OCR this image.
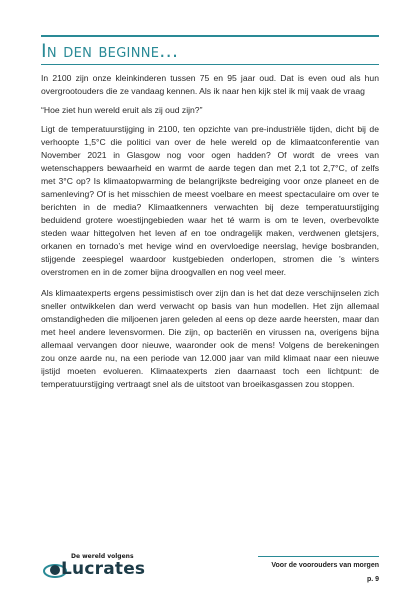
In den beginne...

In 2100 zijn onze kleinkinderen tussen 75 en 95 jaar oud. Dat is even oud als hun overgrootouders die ze vandaag kennen. Als ik naar hen kijk stel ik mij vaak de vraag

“Hoe ziet hun wereld eruit als zij oud zijn?”

Ligt de temperatuurstijging in 2100, ten opzichte van pre-industriële tijden, dicht bij de verhoopte 1,5°C die politici van over de hele wereld op de klimaatconferentie van November 2021 in Glasgow nog voor ogen hadden? Of wordt de vrees van wetenschappers bewaarheid en warmt de aarde tegen dan met 2,1 tot 2,7°C, of zelfs met 3°C op? Is klimaatopwarming de belangrijkste bedreiging voor onze planeet en de samenleving? Of is het misschien de meest voelbare en meest spectaculaire om over te berichten in de media? Klimaatkenners verwachten bij deze temperatuurstijging beduidend grotere woestijngebieden waar het té warm is om te leven, overbevolkte steden waar hittegolven het leven af en toe ondragelijk maken, verdwenen gletsjers, orkanen en tornado’s met hevige wind en overvloedige neerslag, hevige bosbranden, stijgende zeespiegel waardoor kustgebieden onderlopen, stromen die ’s winters overstromen en in de zomer bijna droogvallen en nog veel meer.

Als klimaatexperts ergens pessimistisch over zijn dan is het dat deze verschijnselen zich sneller ontwikkelen dan werd verwacht op basis van hun modellen. Het zijn allemaal omstandigheden die miljoenen jaren geleden al eens op deze aarde heersten, maar dan met heel andere levensvormen. Die zijn, op bacteriën en virussen na, overigens bijna allemaal vervangen door nieuwe, waaronder ook de mens! Volgens de berekeningen zou onze aarde nu, na een periode van 12.000 jaar van mild klimaat naar een nieuwe ijstijd moeten evolueren. Klimaatexperts zien daarnaast toch een lichtpunt: de temperatuurstijging vertraagt snel als de uitstoot van broeikasgassen zou stoppen.

De wereld volgens
Lucrates	Voor de voorouders van morgen
p. 9
